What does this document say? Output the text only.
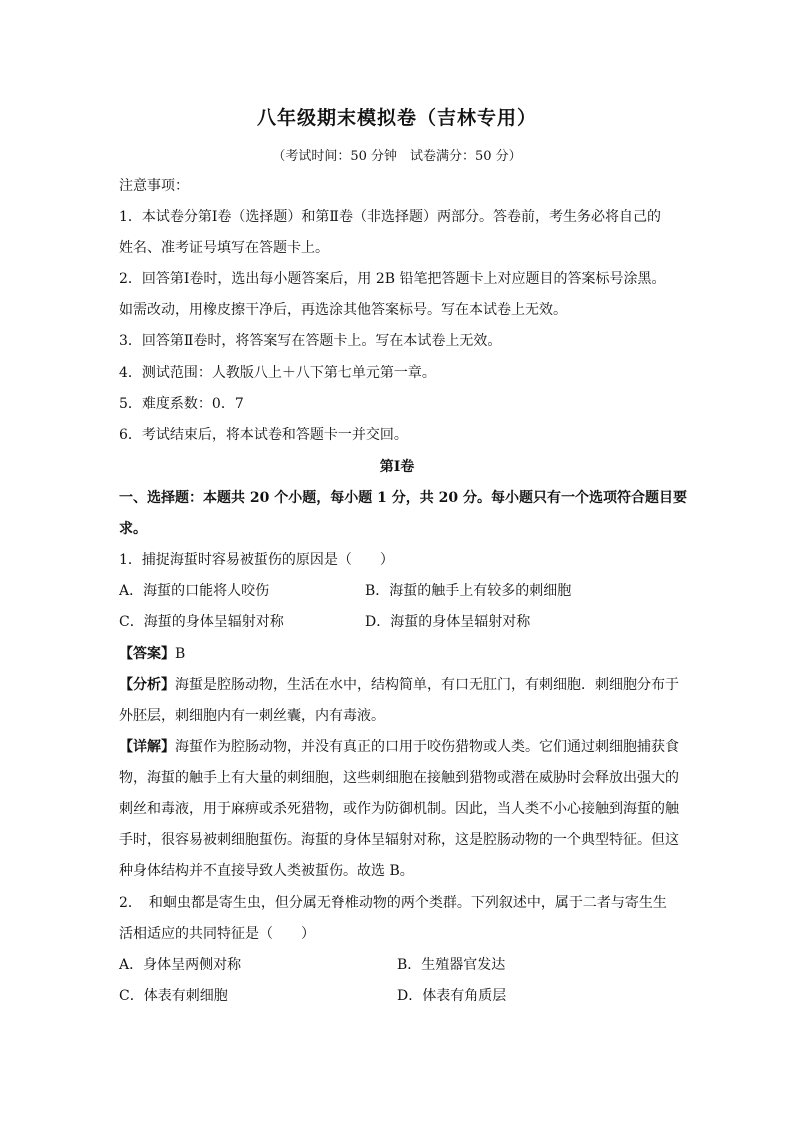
八年级期末模拟卷（吉林专用）
（考试时间：50 分钟　试卷满分：50 分）
注意事项：
1．本试卷分第Ⅰ卷（选择题）和第Ⅱ卷（非选择题）两部分。答卷前，考生务必将自己的
姓名、准考证号填写在答题卡上。
2．回答第Ⅰ卷时，选出每小题答案后，用 2B 铅笔把答题卡上对应题目的答案标号涂黑。
如需改动，用橡皮擦干净后，再选涂其他答案标号。写在本试卷上无效。
3．回答第Ⅱ卷时，将答案写在答题卡上。写在本试卷上无效。
4．测试范围：人教版八上＋八下第七单元第一章。
5．难度系数：0．7
6．考试结束后，将本试卷和答题卡一并交回。
第Ⅰ卷
一、选择题：本题共 20 个小题，每小题 1 分，共 20 分。每小题只有一个选项符合题目要
求。
1．捕捉海蜇时容易被蜇伤的原因是（　　）
A．海蜇的口能将人咬伤	B．海蜇的触手上有较多的刺细胞
C．海蜇的身体呈辐射对称	D．海蜇的身体呈辐射对称
【答案】B
【分析】海蜇是腔肠动物，生活在水中，结构简单，有口无肛门，有刺细胞．刺细胞分布于
外胚层，刺细胞内有一刺丝囊，内有毒液。
【详解】海蜇作为腔肠动物，并没有真正的口用于咬伤猎物或人类。它们通过刺细胞捕获食
物，海蜇的触手上有大量的刺细胞，这些刺细胞在接触到猎物或潜在威胁时会释放出强大的
刺丝和毒液，用于麻痹或杀死猎物，或作为防御机制。因此，当人类不小心接触到海蜇的触
手时，很容易被刺细胞蜇伤。海蜇的身体呈辐射对称，这是腔肠动物的一个典型特征。但这
种身体结构并不直接导致人类被蜇伤。故选 B。
2．　和蛔虫都是寄生虫，但分属无脊椎动物的两个类群。下列叙述中，属于二者与寄生生
活相适应的共同特征是（　　）
A．身体呈两侧对称	B．生殖器官发达
C．体表有刺细胞	D．体表有角质层
